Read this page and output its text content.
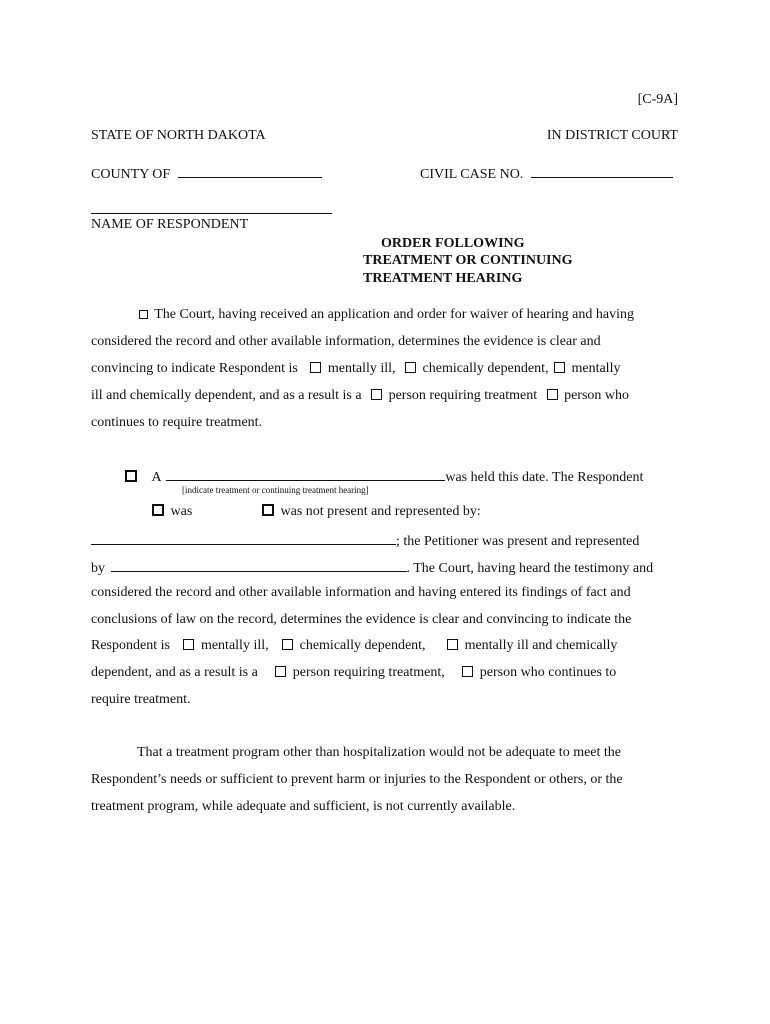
[C-9A]
STATE OF NORTH DAKOTA	IN DISTRICT COURT
COUNTY OF	CIVIL CASE NO.
NAME OF RESPONDENT
ORDER FOLLOWING
TREATMENT OR CONTINUING
TREATMENT HEARING
The Court, having received an application and order for waiver of hearing and having
considered the record and other available information, determines the evidence is clear and
convincing to indicate Respondent is mentally ill, chemically dependent, mentally
ill and chemically dependent, and as a result is a person requiring treatment person who
continues to require treatment.
A	was held this date. The Respondent
[indicate treatment or continuing treatment hearing]
was	was not present and represented by:
; the Petitioner was present and represented
by	. The Court, having heard the testimony and
considered the record and other available information and having entered its findings of fact and
conclusions of law on the record, determines the evidence is clear and convincing to indicate the
Respondent is mentally ill, chemically dependent,	mentally ill and chemically
dependent, and as a result is a	person requiring treatment,	person who continues to
require treatment.
That a treatment program other than hospitalization would not be adequate to meet the
Respondent’s needs or sufficient to prevent harm or injuries to the Respondent or others, or the
treatment program, while adequate and sufficient, is not currently available.
